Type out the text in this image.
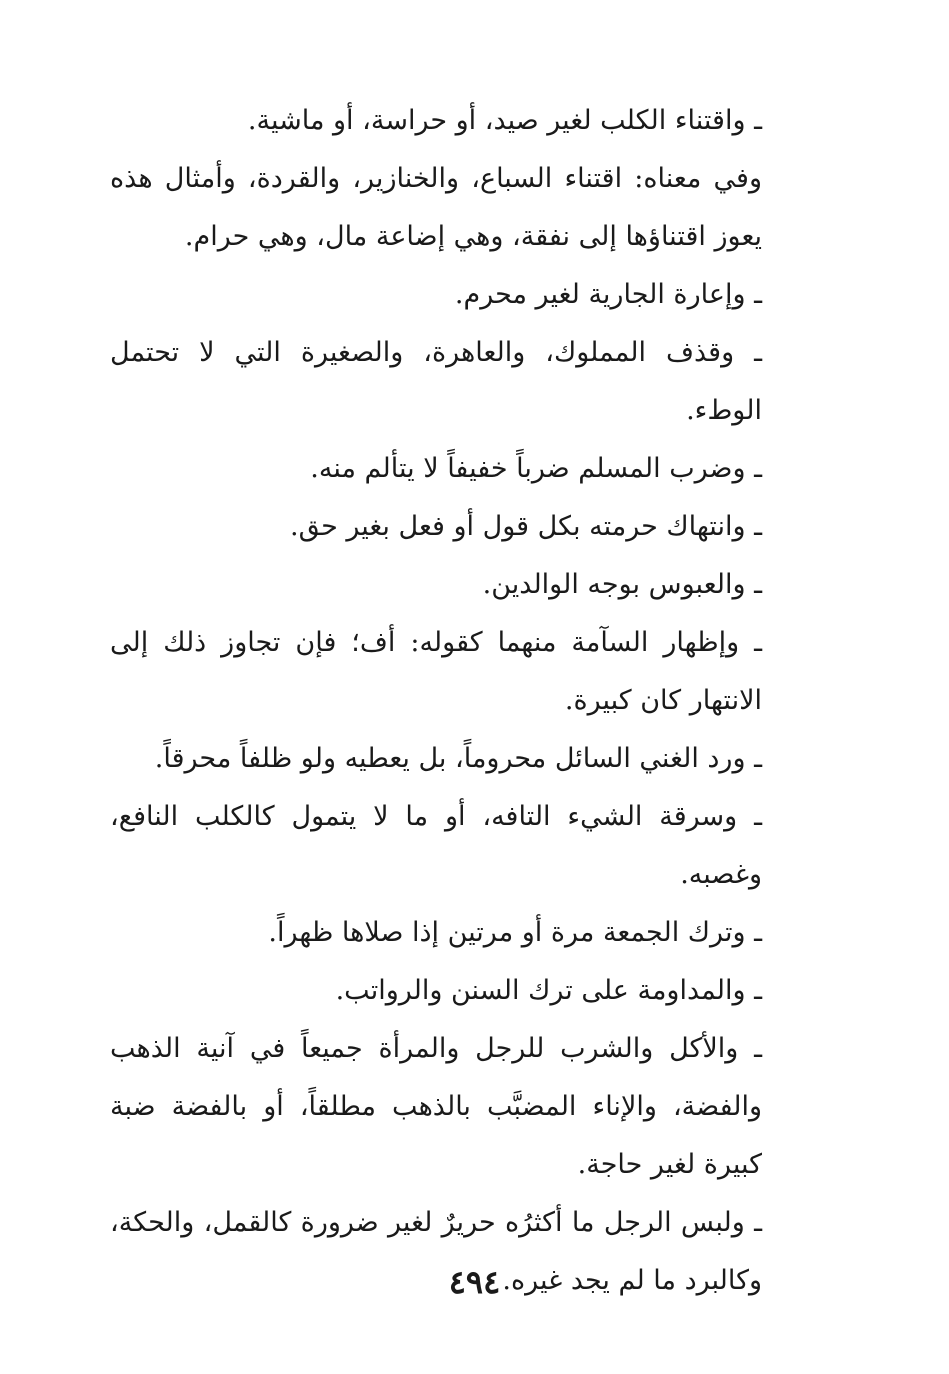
ـ واقتناء الكلب لغير صيد، أو حراسة، أو ماشية.

وفي معناه: اقتناء السباع، والخنازير، والقردة، وأمثال هذه يعوز اقتناؤها إلى نفقة، وهي إضاعة مال، وهي حرام.

ـ وإعارة الجارية لغير محرم.

ـ وقذف المملوك، والعاهرة، والصغيرة التي لا تحتمل الوطء.

ـ وضرب المسلم ضرباً خفيفاً لا يتألم منه.

ـ وانتهاك حرمته بكل قول أو فعل بغير حق.

ـ والعبوس بوجه الوالدين.

ـ وإظهار السآمة منهما كقوله: أف؛ فإن تجاوز ذلك إلى الانتهار كان كبيرة.

ـ ورد الغني السائل محروماً، بل يعطيه ولو ظلفاً محرقاً.

ـ وسرقة الشيء التافه، أو ما لا يتمول كالكلب النافع، وغصبه.

ـ وترك الجمعة مرة أو مرتين إذا صلاها ظهراً.

ـ والمداومة على ترك السنن والرواتب.

ـ والأكل والشرب للرجل والمرأة جميعاً في آنية الذهب والفضة، والإناء المضبَّب بالذهب مطلقاً، أو بالفضة ضبة كبيرة لغير حاجة.

ـ ولبس الرجل ما أكثرُه حريرٌ لغير ضرورة كالقمل، والحكة، وكالبرد ما لم يجد غيره.

٤٩٤
